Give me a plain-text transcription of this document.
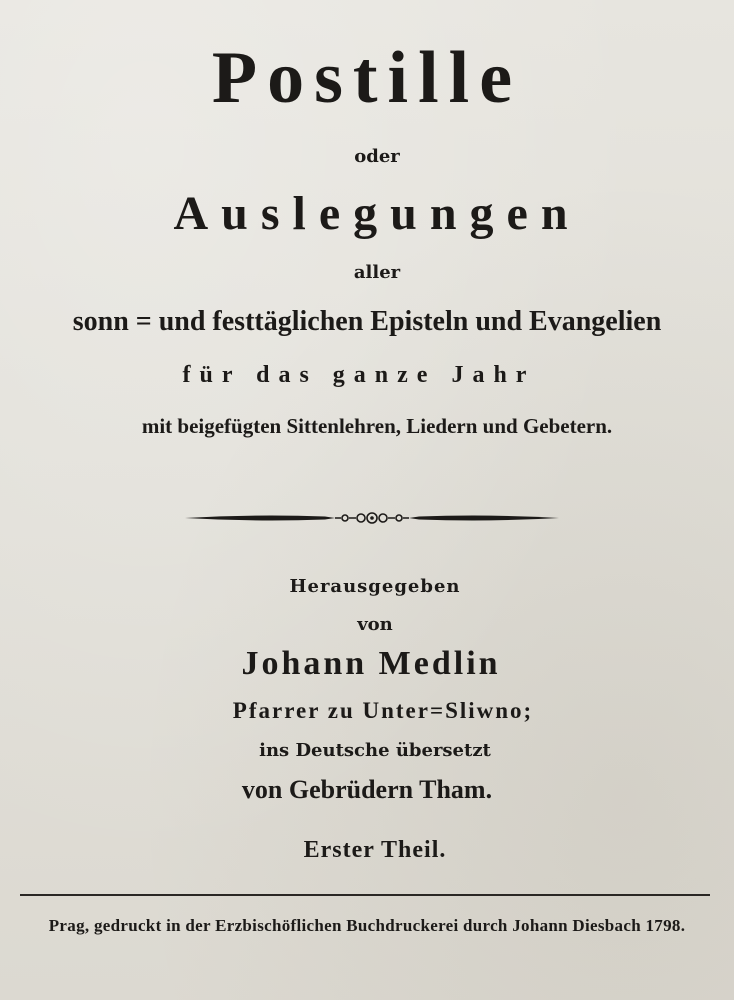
Postille
oder
Auslegungen
aller
sonn = und festtäglichen Episteln und Evangelien
für das ganze Jahr
mit beigefügten Sittenlehren, Liedern und Gebetern.
Herausgegeben
von
Johann Medlin
Pfarrer zu Unter=Sliwno;
ins Deutsche übersetzt
von Gebrüdern Tham.
Erster Theil.
Prag, gedruckt in der Erzbischöflichen Buchdruckerei durch Johann Diesbach 1798.
